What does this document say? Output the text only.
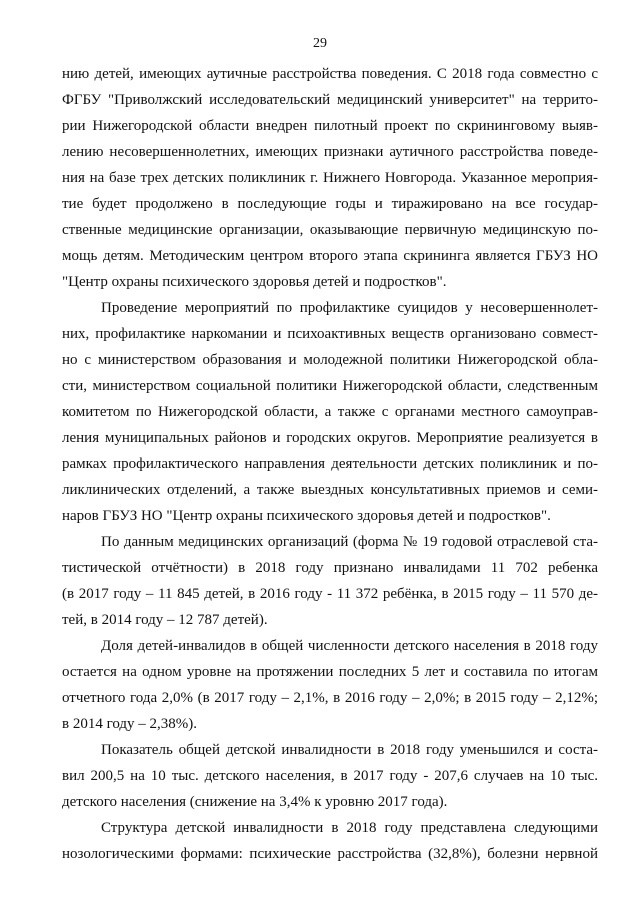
29
нию детей, имеющих аутичные расстройства поведения. С 2018 года совместно с
ФГБУ "Приволжский исследовательский медицинский университет" на террито-
рии Нижегородской области внедрен пилотный проект по скрининговому выяв-
лению несовершеннолетних, имеющих признаки аутичного расстройства поведе-
ния на базе трех детских поликлиник г. Нижнего Новгорода. Указанное мероприя-
тие будет продолжено в последующие годы и тиражировано на все государ-
ственные медицинские организации, оказывающие первичную медицинскую по-
мощь детям. Методическим центром второго этапа скрининга является ГБУЗ НО
"Центр охраны психического здоровья детей и подростков".
Проведение мероприятий по профилактике суицидов у несовершеннолет-
них, профилактике наркомании и психоактивных веществ организовано совмест-
но с министерством образования и молодежной политики Нижегородской обла-
сти, министерством социальной политики Нижегородской области, следственным
комитетом по Нижегородской области, а также с органами местного самоуправ-
ления муниципальных районов и городских округов. Мероприятие реализуется в
рамках профилактического направления деятельности детских поликлиник и по-
ликлинических отделений, а также выездных консультативных приемов и семи-
наров ГБУЗ НО "Центр охраны психического здоровья детей и подростков".
По данным медицинских организаций (форма № 19 годовой отраслевой ста-
тистической отчётности) в 2018 году признано инвалидами 11 702 ребенка
(в 2017 году – 11 845 детей, в 2016 году - 11 372 ребёнка, в 2015 году – 11 570 де-
тей, в 2014 году – 12 787 детей).
Доля детей-инвалидов в общей численности детского населения в 2018 году
остается на одном уровне на протяжении последних 5 лет и составила по итогам
отчетного года 2,0% (в 2017 году – 2,1%, в 2016 году – 2,0%; в 2015 году – 2,12%;
в 2014 году – 2,38%).
Показатель общей детской инвалидности в 2018 году уменьшился и соста-
вил 200,5 на 10 тыс. детского населения, в 2017 году - 207,6 случаев на 10 тыс.
детского населения (снижение на 3,4% к уровню 2017 года).
Структура детской инвалидности в 2018 году представлена следующими
нозологическими формами: психические расстройства (32,8%), болезни нервной
